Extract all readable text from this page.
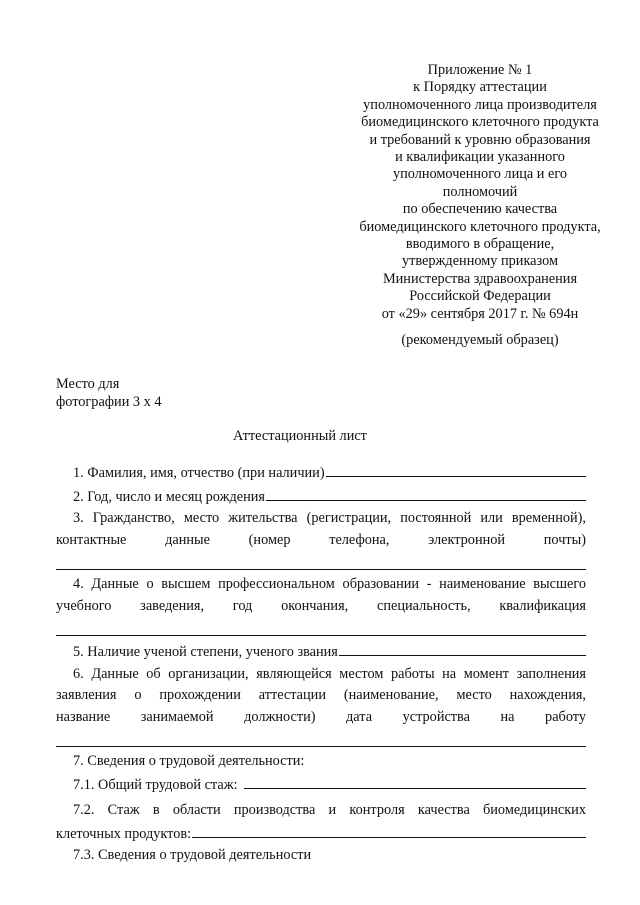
Приложение № 1
к Порядку аттестации
уполномоченного лица производителя
биомедицинского клеточного продукта
и требований к уровню образования
и квалификации указанного
уполномоченного лица и его
полномочий
по обеспечению качества
биомедицинского клеточного продукта,
вводимого в обращение,
утвержденному приказом
Министерства здравоохранения
Российской Федерации
от «29» сентября 2017 г. № 694н
(рекомендуемый образец)
Место для
фотографии 3 х 4
Аттестационный лист
1. Фамилия, имя, отчество (при наличии)
2. Год, число и месяц рождения
3. Гражданство, место жительства (регистрации, постоянной или временной),
контактные данные (номер телефона, электронной почты)
4. Данные о высшем профессиональном образовании - наименование высшего
учебного заведения, год окончания, специальность, квалификация
5. Наличие ученой степени, ученого звания
6. Данные об организации, являющейся местом работы на момент заполнения
заявления о прохождении аттестации (наименование, место нахождения,
название занимаемой должности) дата устройства на работу
7. Сведения о трудовой деятельности:
7.1. Общий трудовой стаж:
7.2. Стаж в области производства и контроля качества биомедицинских
клеточных продуктов:
7.3. Сведения о трудовой деятельности
